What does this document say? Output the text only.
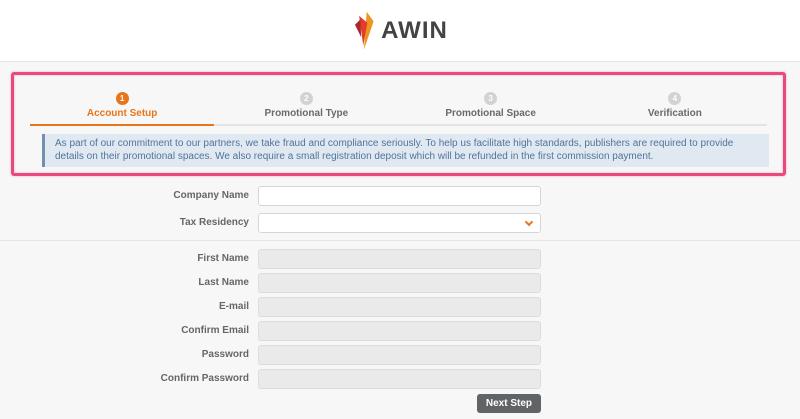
AWIN
1
Account Setup
2
Promotional Type
3
Promotional Space
4
Verification
As part of our commitment to our partners, we take fraud and compliance seriously. To help us facilitate high standards, publishers are required to provide details on their promotional spaces. We also require a small registration deposit which will be refunded in the first commission payment.
Company Name
Tax Residency
First Name
Last Name
E-mail
Confirm Email
Password
Confirm Password
Next Step
